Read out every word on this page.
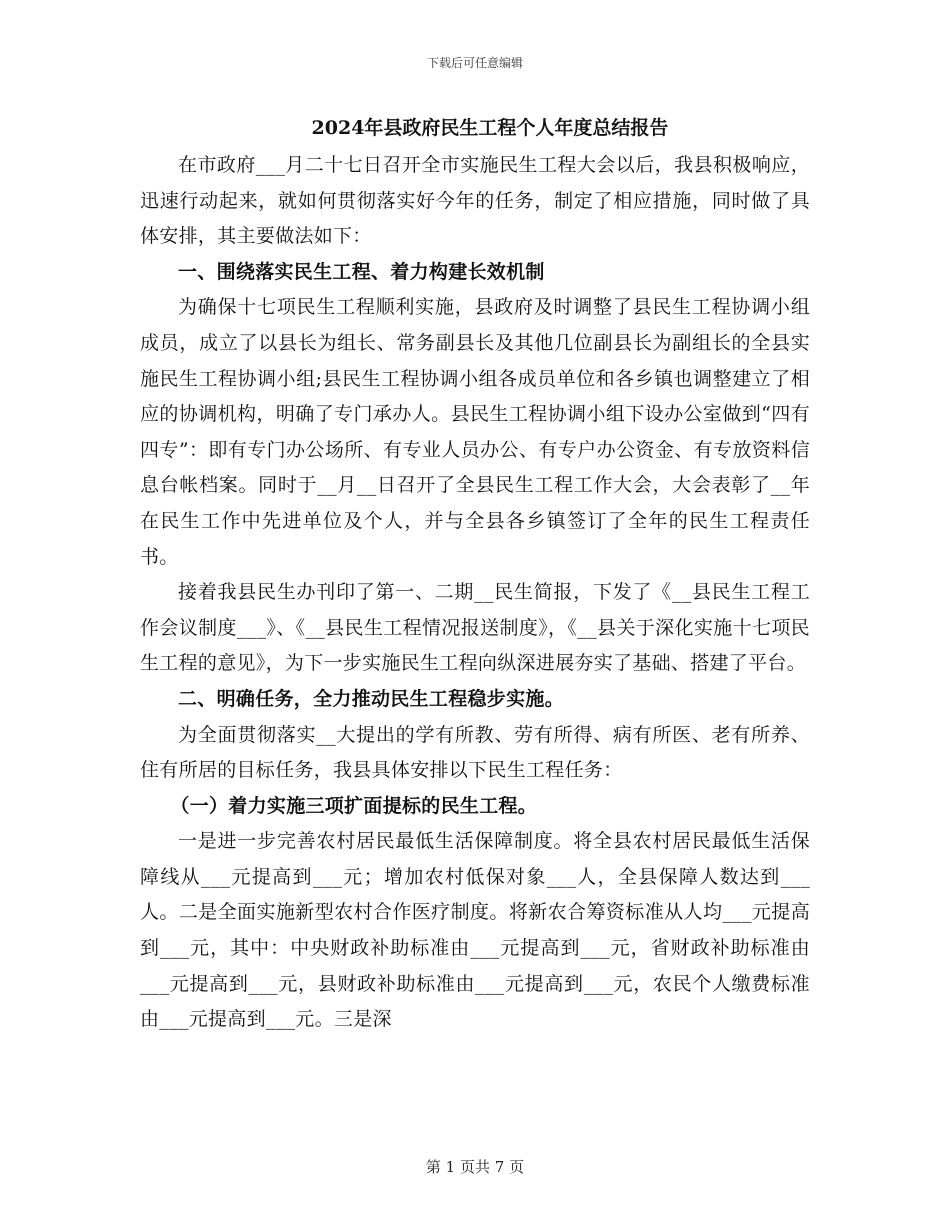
下载后可任意编辑
2024年县政府民生工程个人年度总结报告

在市政府___月二十七日召开全市实施民生工程大会以后，我县积极响应，迅速行动起来，就如何贯彻落实好今年的任务，制定了相应措施，同时做了具体安排，其主要做法如下：

一、围绕落实民生工程、着力构建长效机制

为确保十七项民生工程顺利实施，县政府及时调整了县民生工程协调小组成员，成立了以县长为组长、常务副县长及其他几位副县长为副组长的全县实施民生工程协调小组;县民生工程协调小组各成员单位和各乡镇也调整建立了相应的协调机构，明确了专门承办人。县民生工程协调小组下设办公室做到“四有四专”：即有专门办公场所、有专业人员办公、有专户办公资金、有专放资料信息台帐档案。同时于__月__日召开了全县民生工程工作大会，大会表彰了__年在民生工作中先进单位及个人，并与全县各乡镇签订了全年的民生工程责任书。

接着我县民生办刊印了第一、二期__民生简报，下发了《__县民生工程工作会议制度___》、《__县民生工程情况报送制度》，《__县关于深化实施十七项民生工程的意见》，为下一步实施民生工程向纵深进展夯实了基础、搭建了平台。

二、明确任务，全力推动民生工程稳步实施。

为全面贯彻落实__大提出的学有所教、劳有所得、病有所医、老有所养、住有所居的目标任务，我县具体安排以下民生工程任务：

（一）着力实施三项扩面提标的民生工程。

一是进一步完善农村居民最低生活保障制度。将全县农村居民最低生活保障线从___元提高到___元；增加农村低保对象___人，全县保障人数达到___人。二是全面实施新型农村合作医疗制度。将新农合筹资标准从人均___元提高到___元，其中：中央财政补助标准由___元提高到___元，省财政补助标准由___元提高到___元，县财政补助标准由___元提高到___元，农民个人缴费标准由___元提高到___元。三是深

第 1 页共 7 页
